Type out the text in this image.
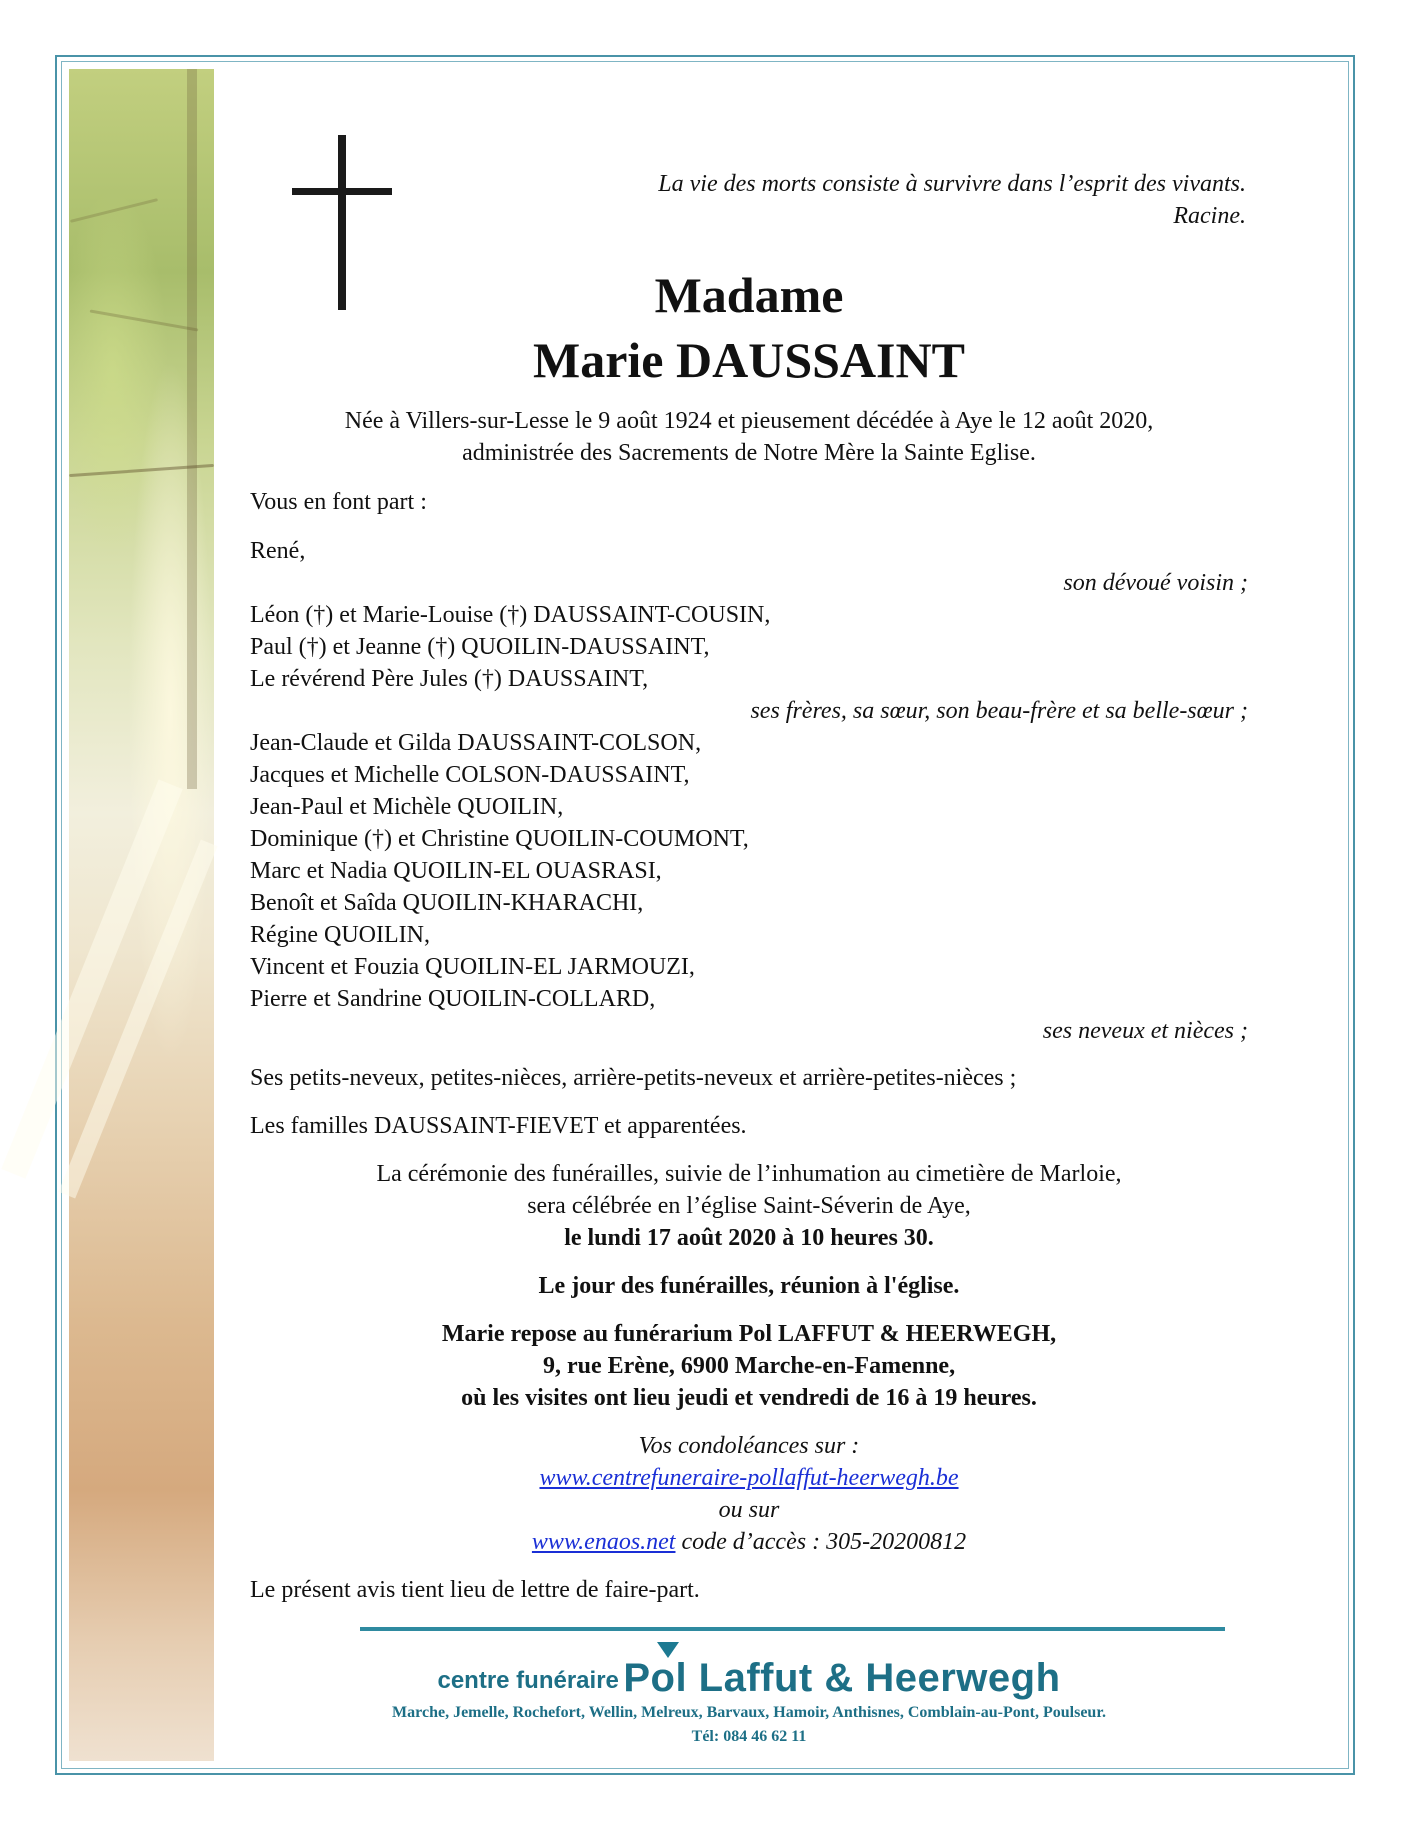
La vie des morts consiste à survivre dans l’esprit des vivants.
Racine.
Madame
Marie DAUSSAINT
Née à Villers-sur-Lesse le 9 août 1924 et pieusement décédée à Aye le 12 août 2020,
administrée des Sacrements de Notre Mère la Sainte Eglise.
Vous en font part :
René,
son dévoué voisin ;
Léon (†) et Marie-Louise (†) DAUSSAINT-COUSIN,
Paul (†) et Jeanne (†) QUOILIN-DAUSSAINT,
Le révérend Père Jules (†) DAUSSAINT,
ses frères, sa sœur, son beau-frère et sa belle-sœur ;
Jean-Claude et Gilda DAUSSAINT-COLSON,
Jacques et Michelle COLSON-DAUSSAINT,
Jean-Paul et Michèle QUOILIN,
Dominique (†) et Christine QUOILIN-COUMONT,
Marc et Nadia QUOILIN-EL OUASRASI,
Benoît et Saîda QUOILIN-KHARACHI,
Régine QUOILIN,
Vincent et Fouzia QUOILIN-EL JARMOUZI,
Pierre et Sandrine QUOILIN-COLLARD,
ses neveux et nièces ;
Ses petits-neveux, petites-nièces, arrière-petits-neveux et arrière-petites-nièces ;
Les familles DAUSSAINT-FIEVET et apparentées.
La cérémonie des funérailles, suivie de l’inhumation au cimetière de Marloie,
sera célébrée en l’église Saint-Séverin de Aye,
le lundi 17 août 2020 à 10 heures 30.
Le jour des funérailles, réunion à l'église.
Marie repose au funérarium Pol LAFFUT & HEERWEGH,
9, rue Erène, 6900 Marche-en-Famenne,
où les visites ont lieu jeudi et vendredi de 16 à 19 heures.
Vos condoléances sur :
www.centrefuneraire-pollaffut-heerwegh.be
ou sur
www.enaos.net code d’accès : 305-20200812
Le présent avis tient lieu de lettre de faire-part.
centre funéraire Pol Laffut & Heerwegh
Marche, Jemelle, Rochefort, Wellin, Melreux, Barvaux, Hamoir, Anthisnes, Comblain-au-Pont, Poulseur.
Tél: 084 46 62 11
